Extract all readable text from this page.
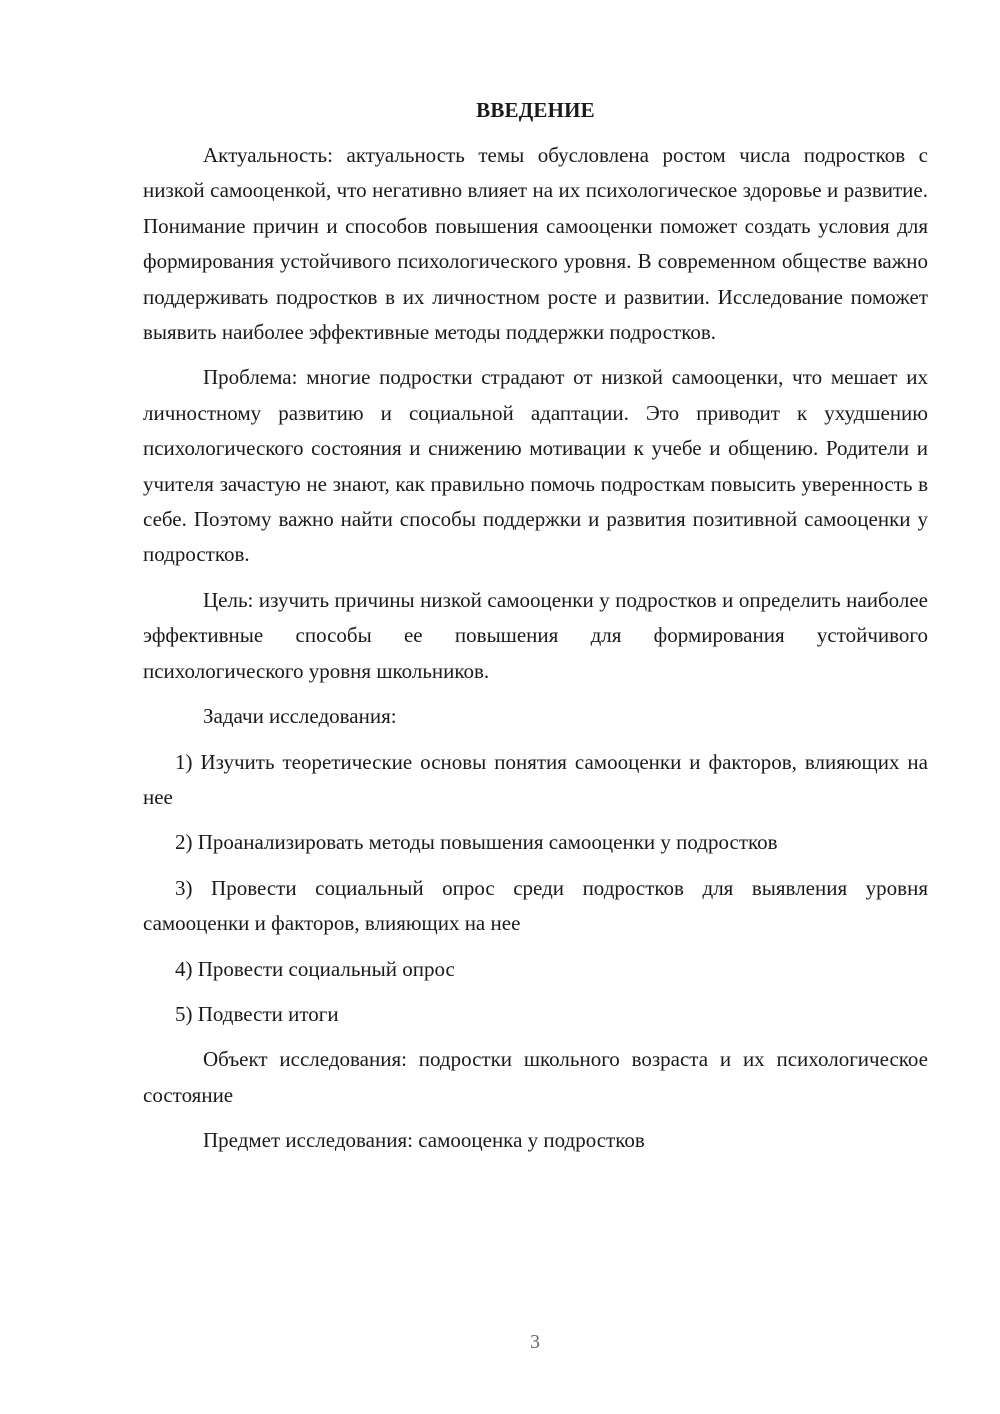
ВВЕДЕНИЕ

Актуальность: актуальность темы обусловлена ростом числа подростков с низкой самооценкой, что негативно влияет на их психологическое здоровье и развитие. Понимание причин и способов повышения самооценки поможет создать условия для формирования устойчивого психологического уровня. В современном обществе важно поддерживать подростков в их личностном росте и развитии. Исследование поможет выявить наиболее эффективные методы поддержки подростков.

Проблема: многие подростки страдают от низкой самооценки, что мешает их личностному развитию и социальной адаптации. Это приводит к ухудшению психологического состояния и снижению мотивации к учебе и общению. Родители и учителя зачастую не знают, как правильно помочь подросткам повысить уверенность в себе. Поэтому важно найти способы поддержки и развития позитивной самооценки у подростков.

Цель: изучить причины низкой самооценки у подростков и определить наиболее эффективные способы ее повышения для формирования устойчивого психологического уровня школьников.

Задачи исследования:

1) Изучить теоретические основы понятия самооценки и факторов, влияющих на нее

2) Проанализировать методы повышения самооценки у подростков

3) Провести социальный опрос среди подростков для выявления уровня самооценки и факторов, влияющих на нее

4) Провести социальный опрос

5) Подвести итоги

Объект исследования: подростки школьного возраста и их психологическое состояние

Предмет исследования: самооценка у подростков

3
